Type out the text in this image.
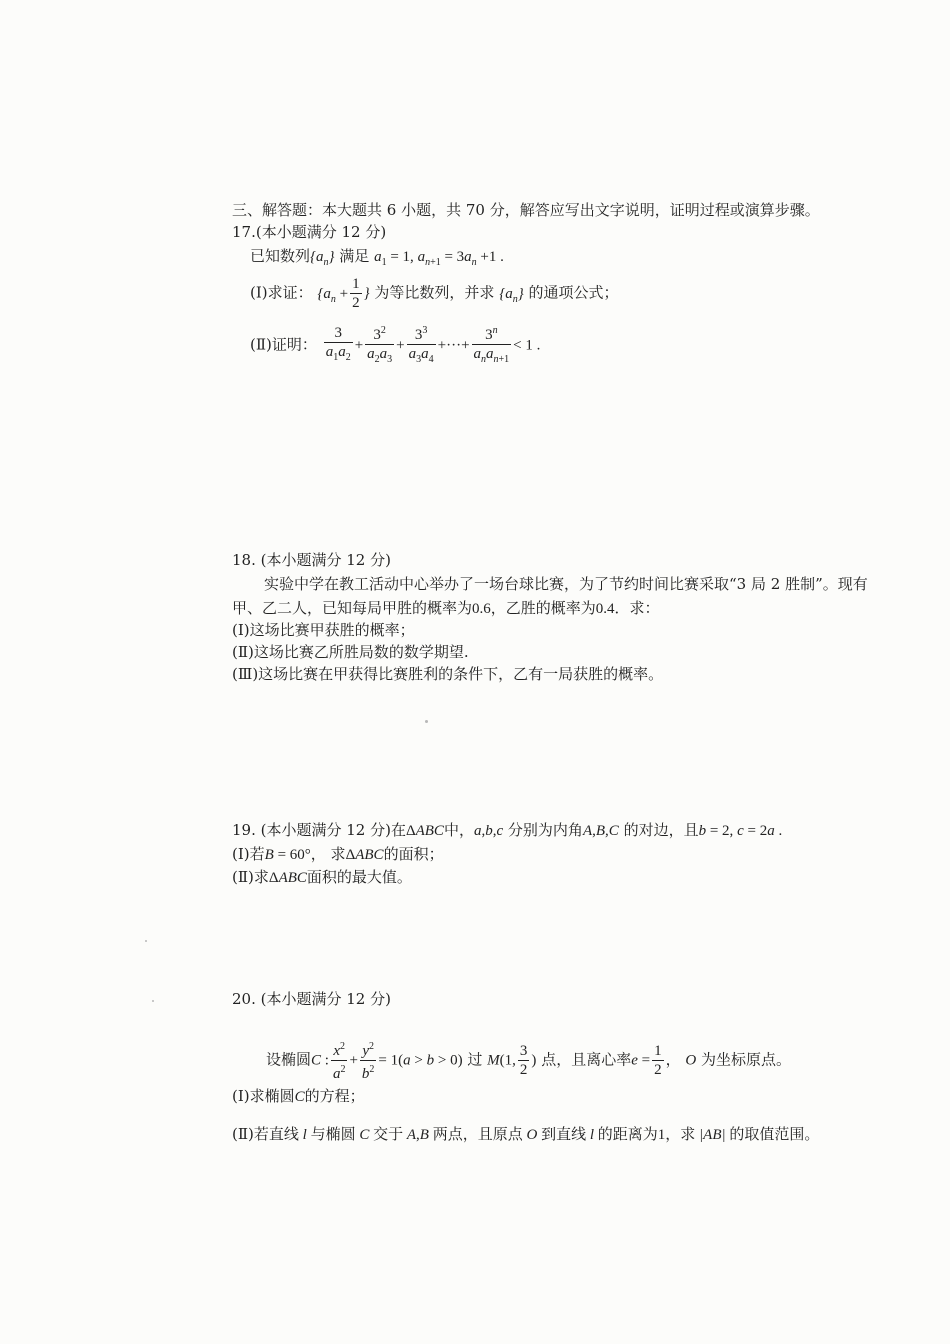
三、解答题：本大题共 6 小题，共 70 分，解答应写出文字说明，证明过程或演算步骤。
17.(本小题满分 12 分)
已知数列$\{a_n\}$ 满足 $a_1 = 1$, $a_{n+1} = 3a_n +1$ .
(Ⅰ)求证： {$a_n + \frac{1}{2}$ } 为等比数列，并求 $\{a_n\}$ 的通项公式；
(Ⅱ)证明： $\frac{3}{a_1a_2} + \frac{3^2}{a_2a_3} + \frac{3^3}{a_3a_4}$ +···+ $\frac{3^n}{a_na_{n+1}} < 1$ .
18. (本小题满分 12 分)
实验中学在教工活动中心举办了一场台球比赛，为了节约时间比赛采取“3 局 2 胜制”。现有
甲、乙二人，已知每局甲胜的概率为0.6，乙胜的概率为0.4．求：
(Ⅰ)这场比赛甲获胜的概率；
(Ⅱ)这场比赛乙所胜局数的数学期望.
(Ⅲ)这场比赛在甲获得比赛胜利的条件下，乙有一局获胜的概率。
19. (本小题满分 12 分)在ΔABC中，a,b,c 分别为内角A,B,C 的对边，且b = 2, c = 2a .
(Ⅰ)若B = 60°， 求ΔABC的面积；
(Ⅱ)求ΔABC面积的最大值。
20. (本小题满分 12 分)
设椭圆C : $\frac{x^2}{a^2} + \frac{y^2}{b^2} = 1(a > b > 0)$ 过 M(1, $\frac{3}{2}$ ) 点，且离心率$e = \frac{1}{2}$ ， O 为坐标原点。
(Ⅰ)求椭圆C的方程；
(Ⅱ)若直线 l 与椭圆 C 交于 A,B 两点，且原点 O 到直线 l 的距离为1，求 |AB| 的取值范围。
